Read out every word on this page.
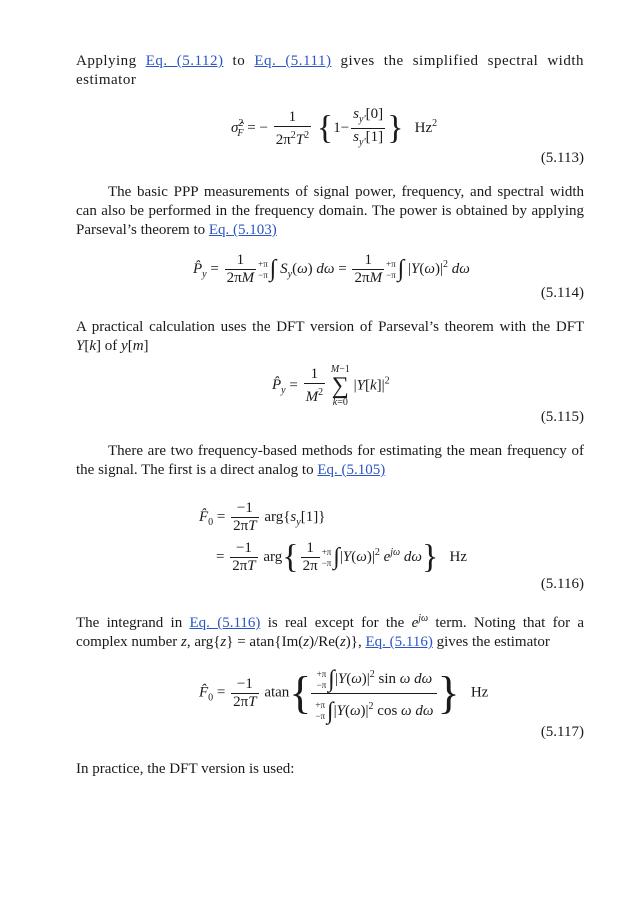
Applying Eq. (5.112) to Eq. (5.111) gives the simplified spectral width estimator
σ̂$^2_F$ = − $\frac{1}{2\pi^2T^2} \{1- \frac{s_{y'}[0]}{s_{y'}[1]}$ } Hz$^2$
(5.113)
The basic PPP measurements of signal power, frequency, and spectral width can also be performed in the frequency domain. The power is obtained by applying Parseval’s theorem to Eq. (5.103)
$P̂_y = \frac{1}{2\pi M} +\pi$
−π∫ $S_y(\omega) d\omega = \frac{1}{2\pi M} +\pi$
−π∫ $|Y(\omega)|^2$ dω
(5.114)
A practical calculation uses the DFT version of Parseval’s theorem with the DFT Y[k] of y[m]
$P̂_y = \frac{1}{M^2}$
M−1
∑
k=0
$|Y[k]|^2$
(5.115)
There are two frequency-based methods for estimating the mean frequency of the signal. The first is a direct analog to Eq. (5.105)
$F̂_0 = \frac{-1}{2\pi T} arg\{s_y[1]\}$
= $\frac{-1}{2\pi T} arg\{ \frac{1}{2\pi} +\pi$
$-\pi\int|Y(\omega)|^2$ $e^{j\omega}$ dω} Hz
(5.116)
The integrand in Eq. (5.116) is real except for the $e^{j\omega}$ term. Noting that for a complex number z, arg{z} = atan{Im(z)/Re(z)}, Eq. (5.116) gives the estimator
$F̂_0 = \frac{-1}{2\pi T} atan\{ +\pi$
$-\pi\int|Y(\omega)|^2$ sin ω dω
+π
$-\pi\int|Y(\omega)|^2$ cos ω dω } Hz
(5.117)
In practice, the DFT version is used:
